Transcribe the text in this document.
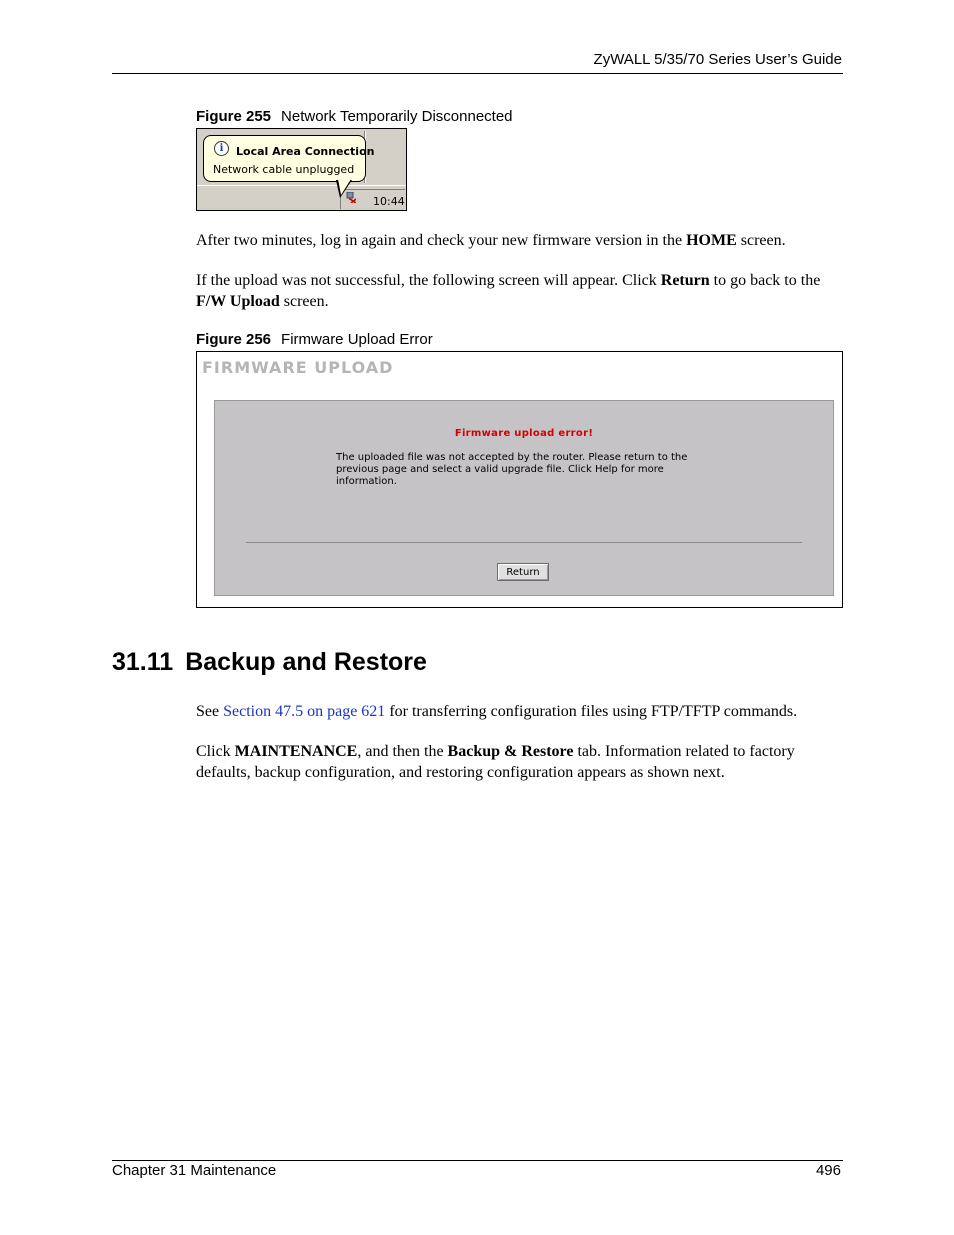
ZyWALL 5/35/70 Series User’s Guide
Figure 255 Network Temporarily Disconnected
i	Local Area Connection
Network cable unplugged
10:44

After two minutes, log in again and check your new firmware version in the HOME screen.

If the upload was not successful, the following screen will appear. Click Return to go back to the F/W Upload screen.

Figure 256 Firmware Upload Error
FIRMWARE UPLOAD
Firmware upload error!
The uploaded file was not accepted by the router. Please return to the previous page and select a valid upgrade file. Click Help for more information.
Return
31.11 Backup and Restore

See Section 47.5 on page 621 for transferring configuration files using FTP/TFTP commands.

Click MAINTENANCE, and then the Backup & Restore tab. Information related to factory defaults, backup configuration, and restoring configuration appears as shown next.

Chapter 31 Maintenance	496
